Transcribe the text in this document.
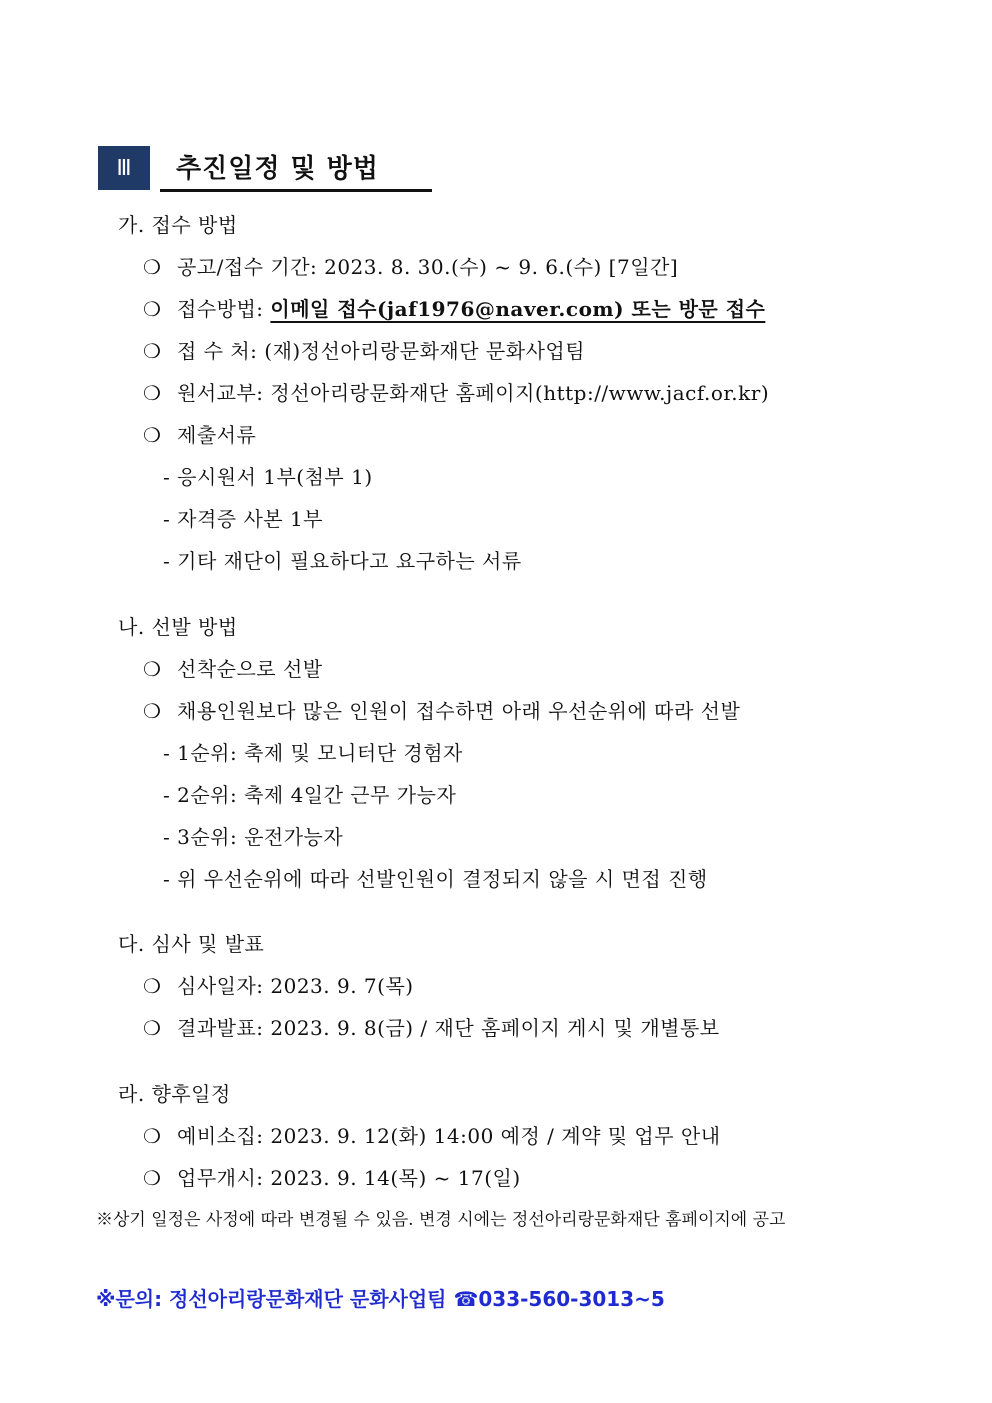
Ⅲ	추진일정 및 방법
가. 접수 방법
❍ 공고/접수 기간: 2023. 8. 30.(수) ~ 9. 6.(수) [7일간]
❍ 접수방법: 이메일 접수(jaf1976@naver.com) 또는 방문 접수
❍ 접 수 처: (재)정선아리랑문화재단 문화사업팀
❍ 원서교부: 정선아리랑문화재단 홈페이지(http://www.jacf.or.kr)
❍ 제출서류
- 응시원서 1부(첨부 1)
- 자격증 사본 1부
- 기타 재단이 필요하다고 요구하는 서류
나. 선발 방법
❍ 선착순으로 선발
❍ 채용인원보다 많은 인원이 접수하면 아래 우선순위에 따라 선발
- 1순위: 축제 및 모니터단 경험자
- 2순위: 축제 4일간 근무 가능자
- 3순위: 운전가능자
- 위 우선순위에 따라 선발인원이 결정되지 않을 시 면접 진행
다. 심사 및 발표
❍ 심사일자: 2023. 9. 7(목)
❍ 결과발표: 2023. 9. 8(금) / 재단 홈페이지 게시 및 개별통보
라. 향후일정
❍ 예비소집: 2023. 9. 12(화) 14:00 예정 / 계약 및 업무 안내
❍ 업무개시: 2023. 9. 14(목) ~ 17(일)
※상기 일정은 사정에 따라 변경될 수 있음. 변경 시에는 정선아리랑문화재단 홈페이지에 공고
※문의: 정선아리랑문화재단 문화사업팀 ☎033-560-3013~5
